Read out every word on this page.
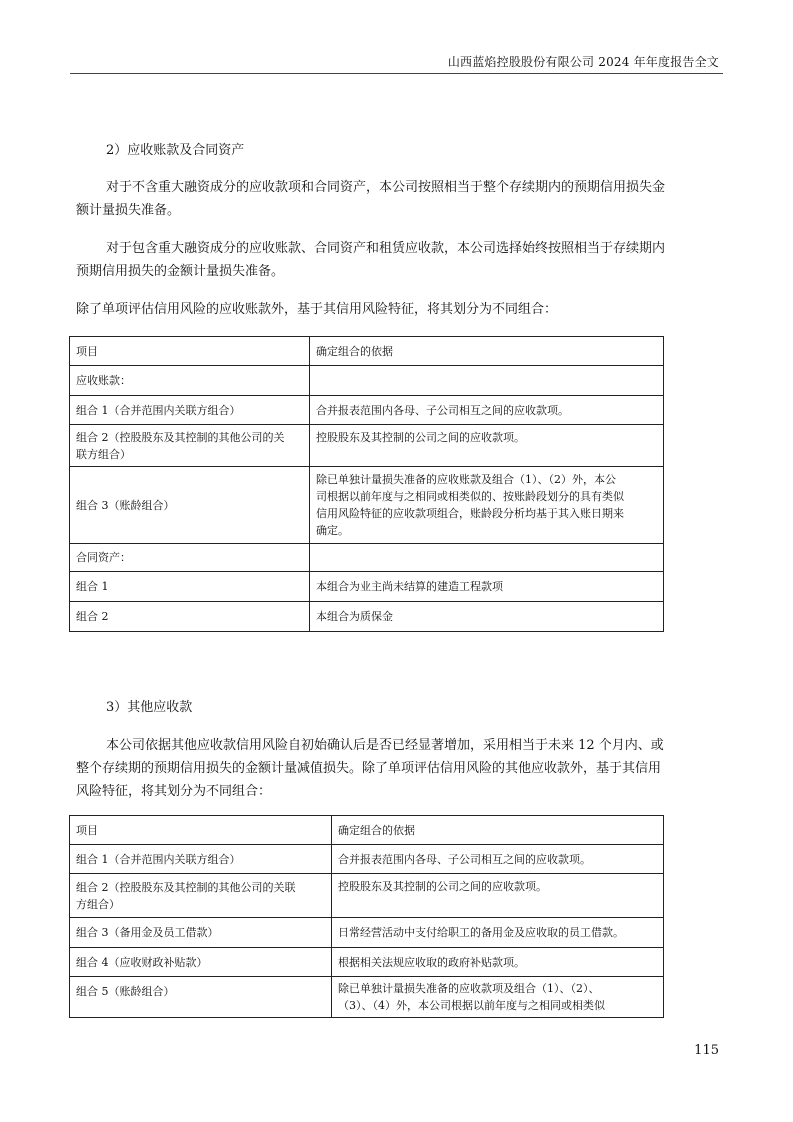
山西蓝焰控股股份有限公司 2024 年年度报告全文
2）应收账款及合同资产
对于不含重大融资成分的应收款项和合同资产，本公司按照相当于整个存续期内的预期信用损失金
额计量损失准备。
对于包含重大融资成分的应收账款、合同资产和租赁应收款，本公司选择始终按照相当于存续期内
预期信用损失的金额计量损失准备。
除了单项评估信用风险的应收账款外，基于其信用风险特征，将其划分为不同组合：
项目	确定组合的依据

应收账款：	

组合 1（合并范围内关联方组合）	合并报表范围内各母、子公司相互之间的应收款项。

组合 2（控股股东及其控制的其他公司的关
联方组合）	控股股东及其控制的公司之间的应收款项。

组合 3（账龄组合）	除已单独计量损失准备的应收账款及组合（1）、（2）外，本公
司根据以前年度与之相同或相类似的、按账龄段划分的具有类似
信用风险特征的应收款项组合，账龄段分析均基于其入账日期来
确定。

合同资产：	

组合 1	本组合为业主尚未结算的建造工程款项

组合 2	本组合为质保金
3）其他应收款
本公司依据其他应收款信用风险自初始确认后是否已经显著增加，采用相当于未来 12 个月内、或
整个存续期的预期信用损失的金额计量减值损失。除了单项评估信用风险的其他应收款外，基于其信用
风险特征，将其划分为不同组合：
项目	确定组合的依据

组合 1（合并范围内关联方组合）	合并报表范围内各母、子公司相互之间的应收款项。

组合 2（控股股东及其控制的其他公司的关联
方组合）	控股股东及其控制的公司之间的应收款项。

组合 3（备用金及员工借款）	日常经营活动中支付给职工的备用金及应收取的员工借款。

组合 4（应收财政补贴款）	根据相关法规应收取的政府补贴款项。

组合 5（账龄组合）	除已单独计量损失准备的应收款项及组合（1）、（2）、
（3）、（4）外，本公司根据以前年度与之相同或相类似
115
